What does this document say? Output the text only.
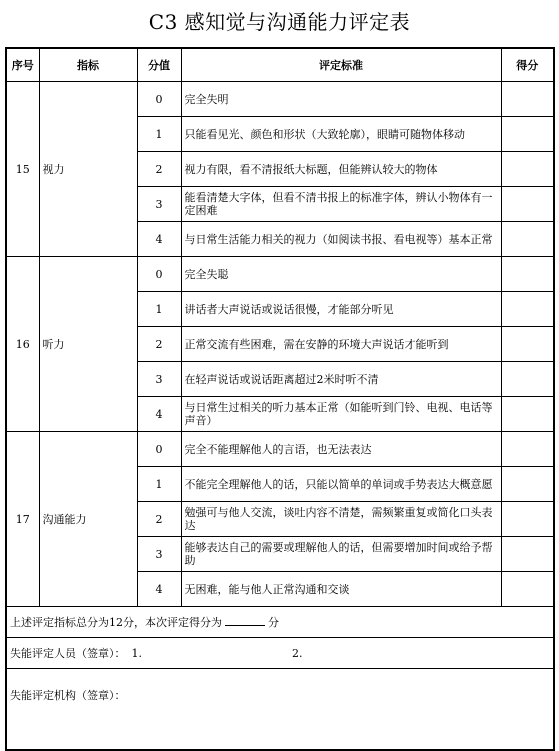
C3 感知觉与沟通能力评定表
序号	指标	分值	评定标准	得分
15	视力	0	完全失明	
		1	只能看见光、颜色和形状（大致轮廓），眼睛可随物体移动	
		2	视力有限，看不清报纸大标题，但能辨认较大的物体	
		3	能看清楚大字体，但看不清书报上的标准字体，辨认小物体有一定困难	
		4	与日常生活能力相关的视力（如阅读书报、看电视等）基本正常	
16	听力	0	完全失聪	
		1	讲话者大声说话或说话很慢，才能部分听见	
		2	正常交流有些困难，需在安静的环境大声说话才能听到	
		3	在轻声说话或说话距离超过2米时听不清	
		4	与日常生过相关的听力基本正常（如能听到门铃、电视、电话等声音）	
17	沟通能力	0	完全不能理解他人的言语，也无法表达	
		1	不能完全理解他人的话，只能以简单的单词或手势表达大概意愿	
		2	勉强可与他人交流，谈吐内容不清楚，需频繁重复或简化口头表达	
		3	能够表达自己的需要或理解他人的话，但需要增加时间或给予帮助	
		4	无困难，能与他人正常沟通和交谈	
上述评定指标总分为12分，本次评定得分为 分				
失能评定人员（签章）： 1. 2.				
失能评定机构（签章）：				
